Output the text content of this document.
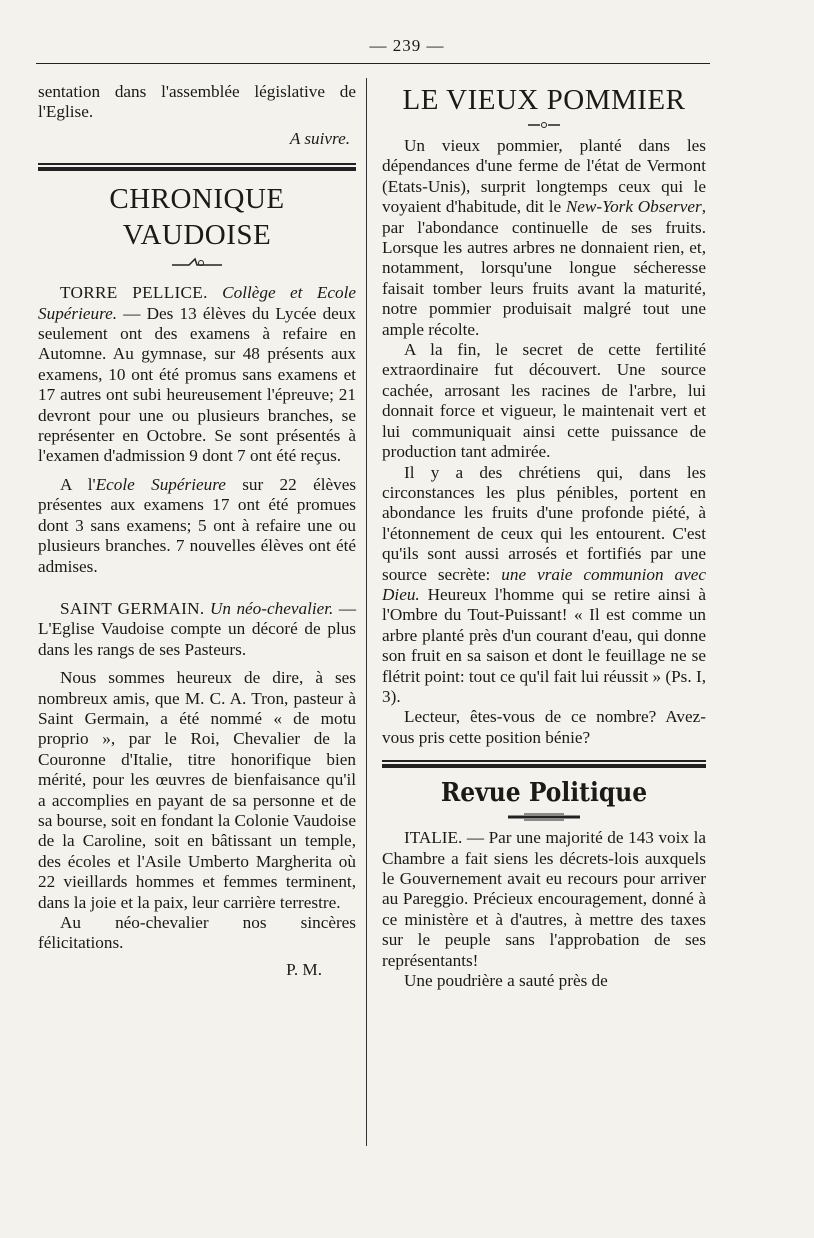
— 239 —

sentation dans l'assemblée législative de l'Eglise.

A suivre.

CHRONIQUE VAUDOISE

TORRE PELLICE. Collège et Ecole Supérieure. — Des 13 élèves du Lycée deux seulement ont des examens à refaire en Automne. Au gymnase, sur 48 présents aux examens, 10 ont été promus sans examens et 17 autres ont subi heureusement l'épreuve; 21 devront pour une ou plusieurs branches, se représenter en Octobre. Se sont présentés à l'examen d'admission 9 dont 7 ont été reçus.

A l'Ecole Supérieure sur 22 élèves présentes aux examens 17 ont été promues dont 3 sans examens; 5 ont à refaire une ou plusieurs branches. 7 nouvelles élèves ont été admises.

SAINT GERMAIN. Un néo-chevalier. — L'Eglise Vaudoise compte un décoré de plus dans les rangs de ses Pasteurs.

Nous sommes heureux de dire, à ses nombreux amis, que M. C. A. Tron, pasteur à Saint Germain, a été nommé « de motu proprio », par le Roi, Chevalier de la Couronne d'Italie, titre honorifique bien mérité, pour les œuvres de bienfaisance qu'il a accomplies en payant de sa personne et de sa bourse, soit en fondant la Colonie Vaudoise de la Caroline, soit en bâtissant un temple, des écoles et l'Asile Umberto Margherita où 22 vieillards hommes et femmes terminent, dans la joie et la paix, leur carrière terrestre.

Au néo-chevalier nos sincères félicitations.

P. M.

LE VIEUX POMMIER

Un vieux pommier, planté dans les dépendances d'une ferme de l'état de Vermont (Etats-Unis), surprit longtemps ceux qui le voyaient d'habitude, dit le New-York Observer, par l'abondance continuelle de ses fruits. Lorsque les autres arbres ne donnaient rien, et, notamment, lorsqu'une longue sécheresse faisait tomber leurs fruits avant la maturité, notre pommier produisait malgré tout une ample récolte.

A la fin, le secret de cette fertilité extraordinaire fut découvert. Une source cachée, arrosant les racines de l'arbre, lui donnait force et vigueur, le maintenait vert et lui communiquait ainsi cette puissance de production tant admirée.

Il y a des chrétiens qui, dans les circonstances les plus pénibles, portent en abondance les fruits d'une profonde piété, à l'étonnement de ceux qui les entourent. C'est qu'ils sont aussi arrosés et fortifiés par une source secrète: une vraie communion avec Dieu. Heureux l'homme qui se retire ainsi à l'Ombre du Tout-Puissant! « Il est comme un arbre planté près d'un courant d'eau, qui donne son fruit en sa saison et dont le feuillage ne se flétrit point: tout ce qu'il fait lui réussit » (Ps. I, 3).

Lecteur, êtes-vous de ce nombre? Avez-vous pris cette position bénie?

Revue Politique

ITALIE. — Par une majorité de 143 voix la Chambre a fait siens les décrets-lois auxquels le Gouvernement avait eu recours pour arriver au Pareggio. Précieux encouragement, donné à ce ministère et à d'autres, à mettre des taxes sur le peuple sans l'approbation de ses représentants!

Une poudrière a sauté près de
